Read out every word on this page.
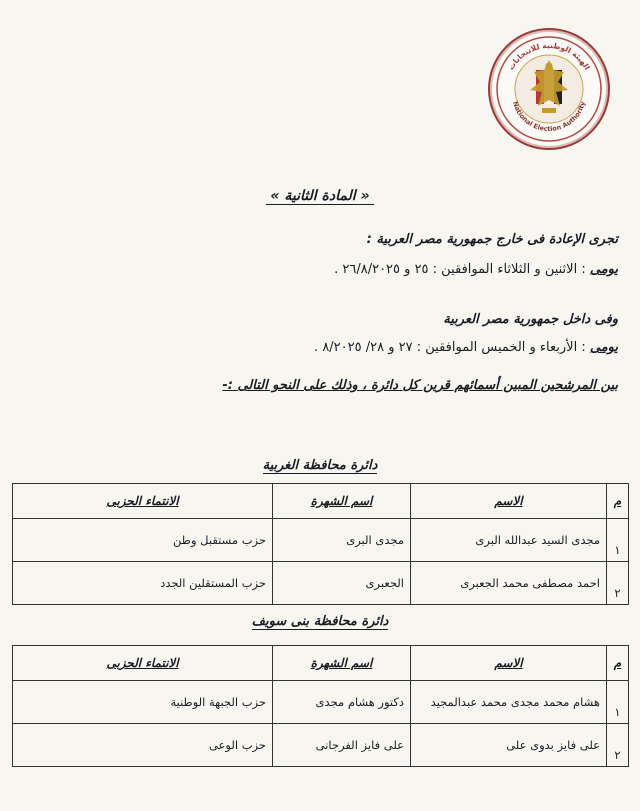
الهيئة الوطنية للانتخابات
National Election Authority
« المادة الثانية »
تجرى الإعادة فى خارج جمهورية مصر العربية :
يومى : الاثنين و الثلاثاء الموافقين : ٢٥ و ٢٦/٨/٢٠٢٥ .
وفى داخل جمهورية مصر العربية
يومى : الأربعاء و الخميس الموافقين : ٢٧ و ٢٨/ ٨/٢٠٢٥ .
بين المرشحين المبين أسمائهم قرين كل دائرة ، وذلك على النحو التالى :-
دائرة محافظة الغربية
م	الاسم	اسم الشهرة	الانتماء الحزبى
١	مجدى السيد عبدالله البرى	مجدى البرى	حزب مستقبل وطن
٢	احمد مصطفى محمد الجعبرى	الجعبرى	حزب المستقلين الجدد
دائرة محافظة بنى سويف
م	الاسم	اسم الشهرة	الانتماء الحزبى
١	هشام محمد مجدى محمد عبدالمجيد	دكتور هشام مجدى	حزب الجبهة الوطنية
٢	على فايز بدوى على	على فايز الفرجانى	حزب الوعى
